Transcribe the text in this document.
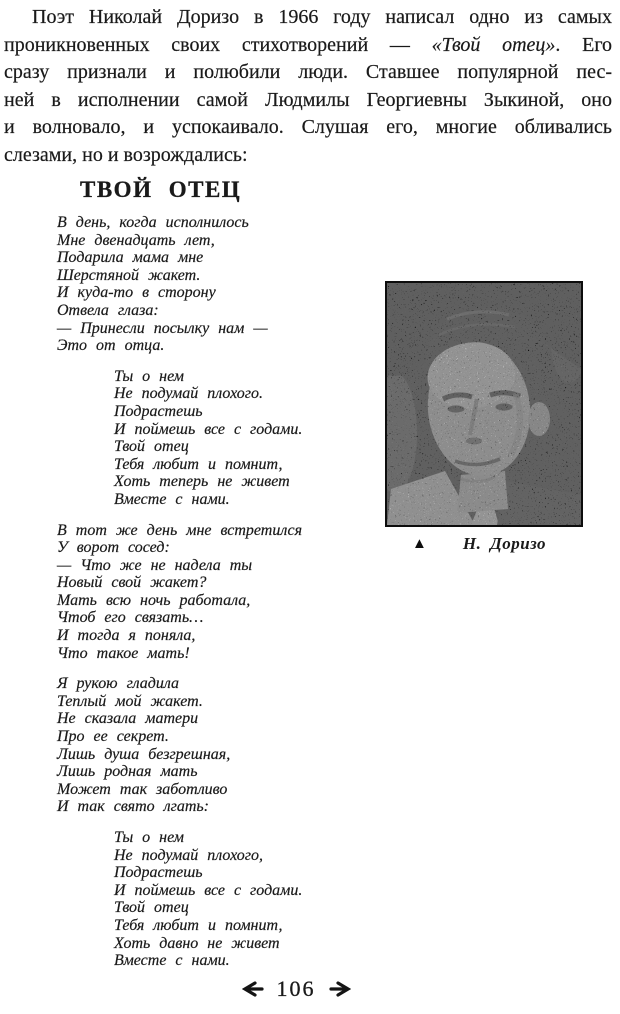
Поэт Николай Доризо в 1966 году написал одно из самых
проникновенных своих стихотворений — «Твой отец». Его
сразу признали и полюбили люди. Ставшее популярной пес-
ней в исполнении самой Людмилы Георгиевны Зыкиной, оно
и волновало, и успокаивало. Слушая его, многие обливались
слезами, но и возрождались:
ТВОЙ ОТЕЦ
В день, когда исполнилось
Мне двенадцать лет,
Подарила мама мне
Шерстяной жакет.
И куда-то в сторону
Отвела глаза:
— Принесли посылку нам —
Это от отца.
Ты о нем
Не подумай плохого.
Подрастешь
И поймешь все с годами.
Твой отец
Тебя любит и помнит,
Хоть теперь не живет
Вместе с нами.
В тот же день мне встретился
У ворот сосед:
— Что же не надела ты
Новый свой жакет?
Мать всю ночь работала,
Чтоб его связать…
И тогда я поняла,
Что такое мать!
Я рукою гладила
Теплый мой жакет.
Не сказала матери
Про ее секрет.
Лишь душа безгрешная,
Лишь родная мать
Может так заботливо
И так свято лгать:
Ты о нем
Не подумай плохого,
Подрастешь
И поймешь все с годами.
Твой отец
Тебя любит и помнит,
Хоть давно не живет
Вместе с нами.
▲ Н. Доризо
106
